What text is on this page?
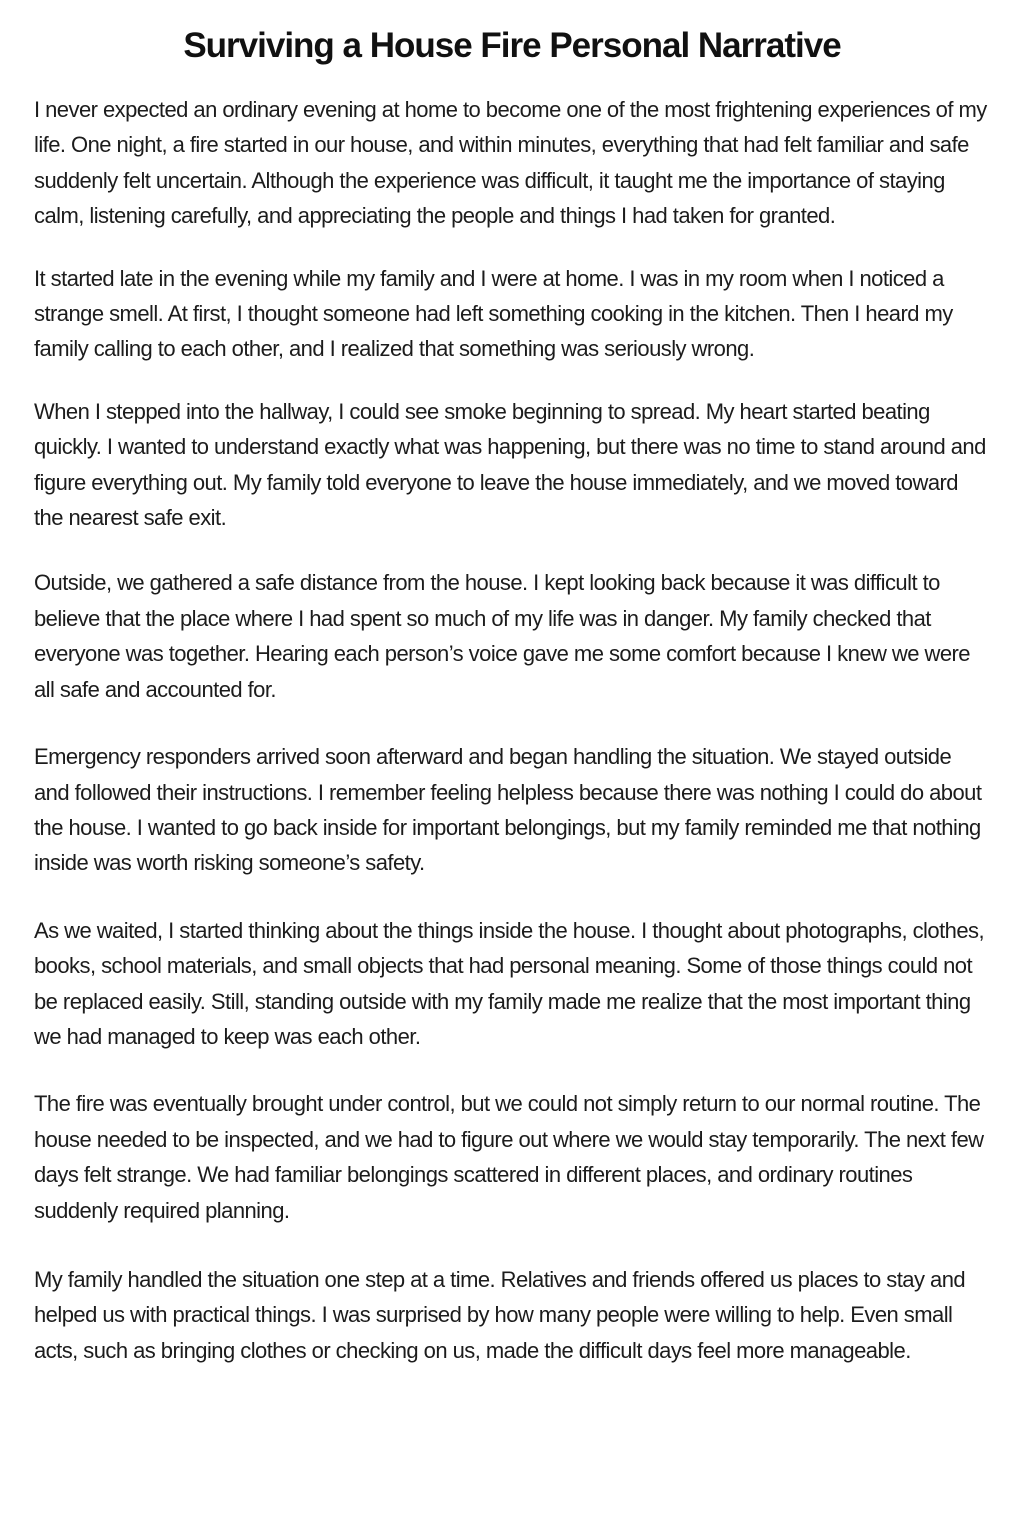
Surviving a House Fire Personal Narrative

I never expected an ordinary evening at home to become one of the most frightening experiences of my life. One night, a fire started in our house, and within minutes, everything that had felt familiar and safe suddenly felt uncertain. Although the experience was difficult, it taught me the importance of staying calm, listening carefully, and appreciating the people and things I had taken for granted.

It started late in the evening while my family and I were at home. I was in my room when I noticed a strange smell. At first, I thought someone had left something cooking in the kitchen. Then I heard my family calling to each other, and I realized that something was seriously wrong.

When I stepped into the hallway, I could see smoke beginning to spread. My heart started beating quickly. I wanted to understand exactly what was happening, but there was no time to stand around and figure everything out. My family told everyone to leave the house immediately, and we moved toward the nearest safe exit.

Outside, we gathered a safe distance from the house. I kept looking back because it was difficult to believe that the place where I had spent so much of my life was in danger. My family checked that everyone was together. Hearing each person’s voice gave me some comfort because I knew we were all safe and accounted for.

Emergency responders arrived soon afterward and began handling the situation. We stayed outside and followed their instructions. I remember feeling helpless because there was nothing I could do about the house. I wanted to go back inside for important belongings, but my family reminded me that nothing inside was worth risking someone’s safety.

As we waited, I started thinking about the things inside the house. I thought about photographs, clothes, books, school materials, and small objects that had personal meaning. Some of those things could not be replaced easily. Still, standing outside with my family made me realize that the most important thing we had managed to keep was each other.

The fire was eventually brought under control, but we could not simply return to our normal routine. The house needed to be inspected, and we had to figure out where we would stay temporarily. The next few days felt strange. We had familiar belongings scattered in different places, and ordinary routines suddenly required planning.

My family handled the situation one step at a time. Relatives and friends offered us places to stay and helped us with practical things. I was surprised by how many people were willing to help. Even small acts, such as bringing clothes or checking on us, made the difficult days feel more manageable.
